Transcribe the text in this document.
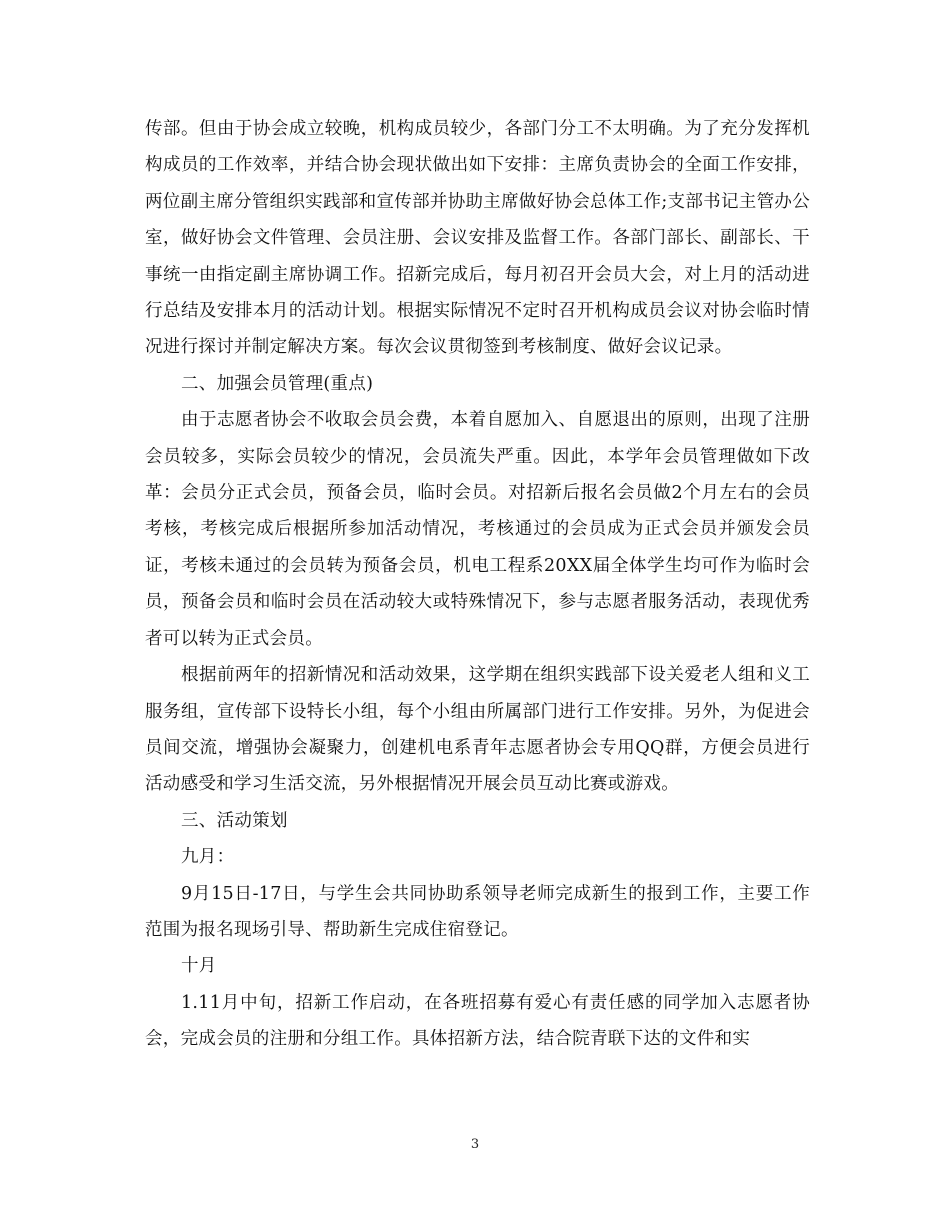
传部。但由于协会成立较晚，机构成员较少，各部门分工不太明确。为了充分发挥机构成员的工作效率，并结合协会现状做出如下安排：主席负责协会的全面工作安排，两位副主席分管组织实践部和宣传部并协助主席做好协会总体工作;支部书记主管办公室，做好协会文件管理、会员注册、会议安排及监督工作。各部门部长、副部长、干事统一由指定副主席协调工作。招新完成后，每月初召开会员大会，对上月的活动进行总结及安排本月的活动计划。根据实际情况不定时召开机构成员会议对协会临时情况进行探讨并制定解决方案。每次会议贯彻签到考核制度、做好会议记录。

二、加强会员管理(重点)

由于志愿者协会不收取会员会费，本着自愿加入、自愿退出的原则，出现了注册会员较多，实际会员较少的情况，会员流失严重。因此，本学年会员管理做如下改革：会员分正式会员，预备会员，临时会员。对招新后报名会员做2个月左右的会员考核，考核完成后根据所参加活动情况，考核通过的会员成为正式会员并颁发会员证，考核未通过的会员转为预备会员，机电工程系20XX届全体学生均可作为临时会员，预备会员和临时会员在活动较大或特殊情况下，参与志愿者服务活动，表现优秀者可以转为正式会员。

根据前两年的招新情况和活动效果，这学期在组织实践部下设关爱老人组和义工服务组，宣传部下设特长小组，每个小组由所属部门进行工作安排。另外，为促进会员间交流，增强协会凝聚力，创建机电系青年志愿者协会专用QQ群，方便会员进行活动感受和学习生活交流，另外根据情况开展会员互动比赛或游戏。

三、活动策划

九月：

9月15日-17日，与学生会共同协助系领导老师完成新生的报到工作，主要工作范围为报名现场引导、帮助新生完成住宿登记。

十月

1.11月中旬，招新工作启动，在各班招募有爱心有责任感的同学加入志愿者协会，完成会员的注册和分组工作。具体招新方法，结合院青联下达的文件和实

3
